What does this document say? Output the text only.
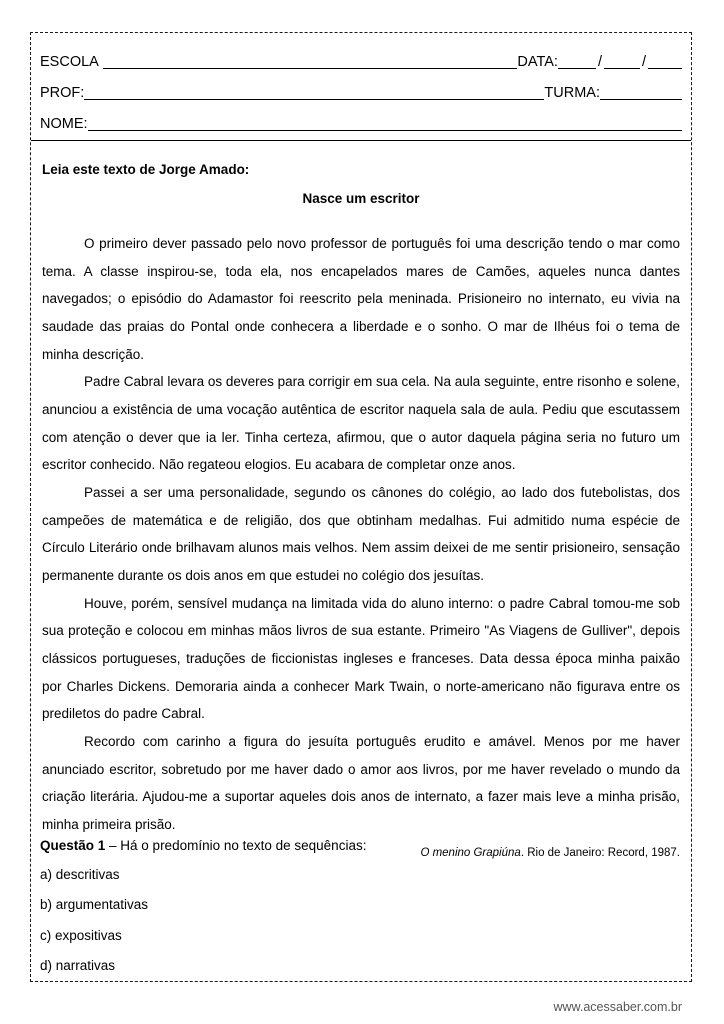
ESCOLA	DATA:	/	/
PROF:	TURMA:
NOME:

Leia este texto de Jorge Amado:

Nasce um escritor

O primeiro dever passado pelo novo professor de português foi uma descrição tendo o mar como tema. A classe inspirou-se, toda ela, nos encapelados mares de Camões, aqueles nunca dantes navegados; o episódio do Adamastor foi reescrito pela meninada. Prisioneiro no internato, eu vivia na saudade das praias do Pontal onde conhecera a liberdade e o sonho. O mar de Ilhéus foi o tema de minha descrição.

Padre Cabral levara os deveres para corrigir em sua cela. Na aula seguinte, entre risonho e solene, anunciou a existência de uma vocação autêntica de escritor naquela sala de aula. Pediu que escutassem com atenção o dever que ia ler. Tinha certeza, afirmou, que o autor daquela página seria no futuro um escritor conhecido. Não regateou elogios. Eu acabara de completar onze anos.

Passei a ser uma personalidade, segundo os cânones do colégio, ao lado dos futebolistas, dos campeões de matemática e de religião, dos que obtinham medalhas. Fui admitido numa espécie de Círculo Literário onde brilhavam alunos mais velhos. Nem assim deixei de me sentir prisioneiro, sensação permanente durante os dois anos em que estudei no colégio dos jesuítas.

Houve, porém, sensível mudança na limitada vida do aluno interno: o padre Cabral tomou-me sob sua proteção e colocou em minhas mãos livros de sua estante. Primeiro "As Viagens de Gulliver", depois clássicos portugueses, traduções de ficcionistas ingleses e franceses. Data dessa época minha paixão por Charles Dickens. Demoraria ainda a conhecer Mark Twain, o norte-americano não figurava entre os prediletos do padre Cabral.

Recordo com carinho a figura do jesuíta português erudito e amável. Menos por me haver anunciado escritor, sobretudo por me haver dado o amor aos livros, por me haver revelado o mundo da criação literária. Ajudou-me a suportar aqueles dois anos de internato, a fazer mais leve a minha prisão, minha primeira prisão.

O menino Grapiúna. Rio de Janeiro: Record, 1987.

Questão 1 – Há o predomínio no texto de sequências:

a) descritivas

b) argumentativas

c) expositivas

d) narrativas

www.acessaber.com.br
